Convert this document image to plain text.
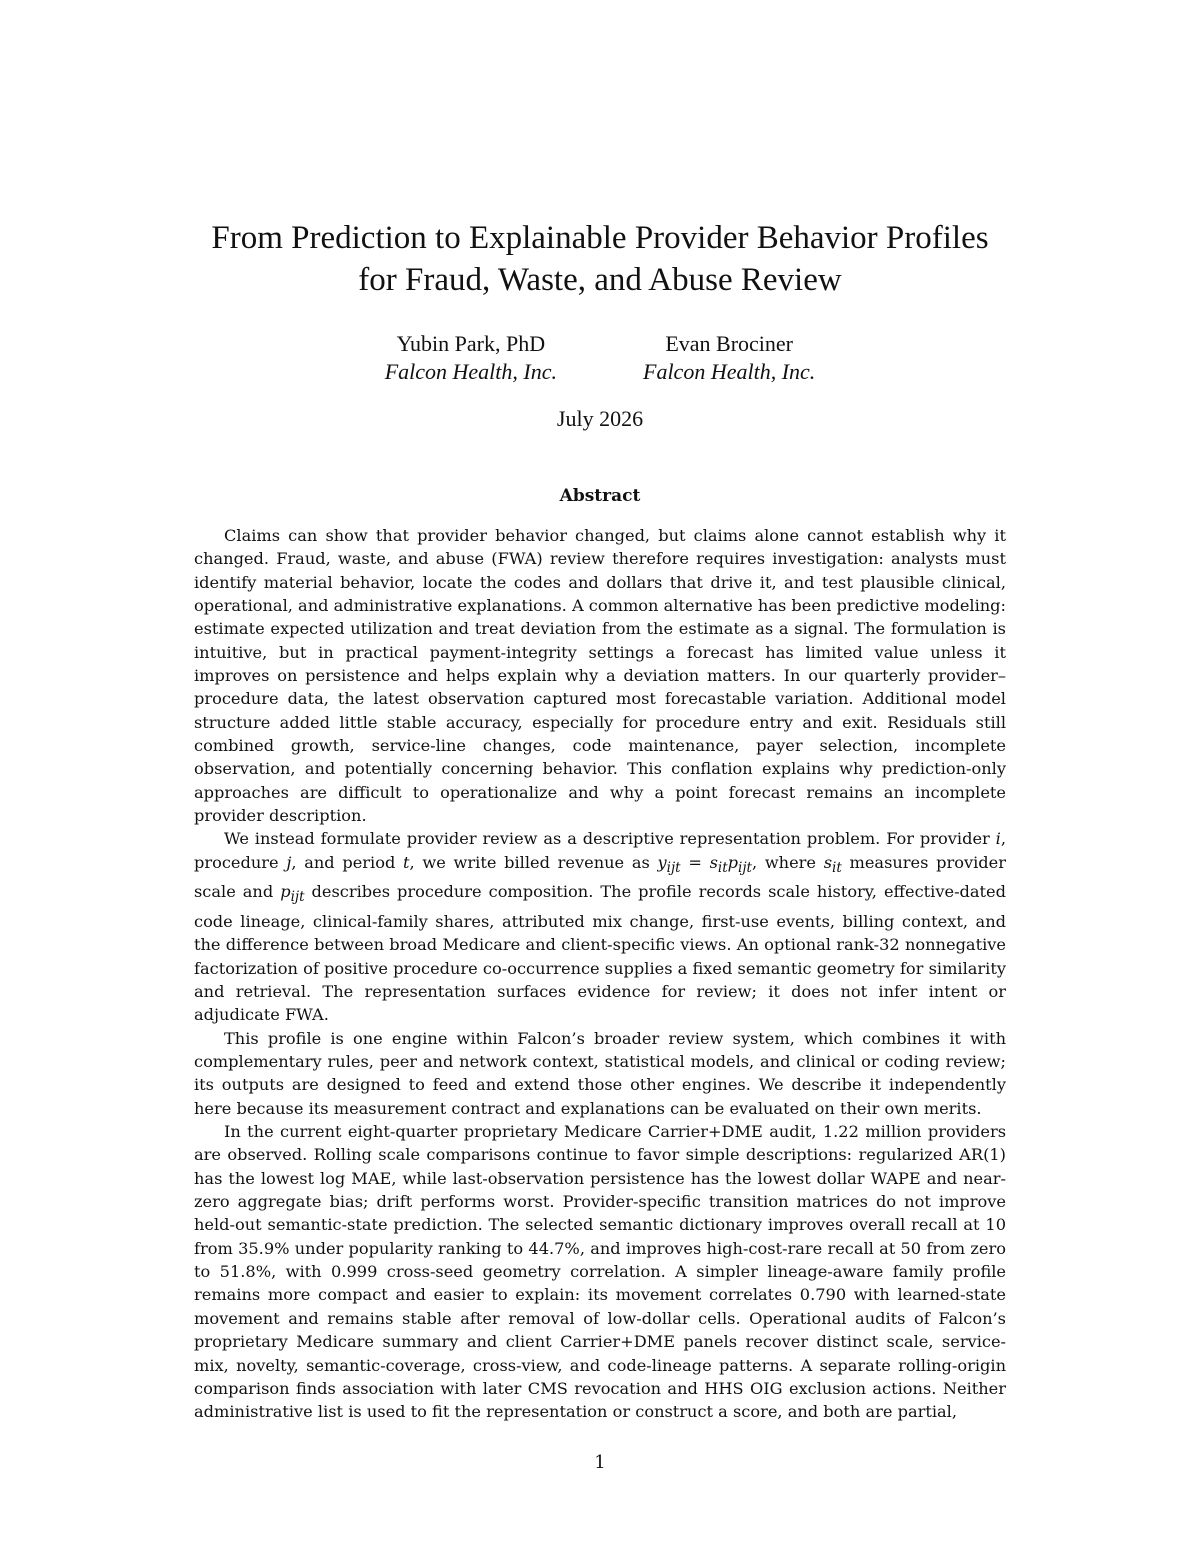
From Prediction to Explainable Provider Behavior Profiles
for Fraud, Waste, and Abuse Review
Yubin Park, PhD
Falcon Health, Inc.
Evan Brociner
Falcon Health, Inc.
July 2026
Abstract

Claims can show that provider behavior changed, but claims alone cannot establish why it changed. Fraud, waste, and abuse (FWA) review therefore requires investigation: analysts must identify material behavior, locate the codes and dollars that drive it, and test plausible clinical, operational, and administrative explanations. A common alternative has been predictive modeling: estimate expected utilization and treat deviation from the estimate as a signal. The formulation is intuitive, but in practical payment-integrity settings a forecast has limited value unless it improves on persistence and helps explain why a deviation matters. In our quarterly provider–procedure data, the latest observation captured most forecastable variation. Additional model structure added little stable accuracy, especially for procedure entry and exit. Residuals still combined growth, service-line changes, code maintenance, payer selection, incomplete observation, and potentially concerning behavior. This conflation explains why prediction-only approaches are difficult to operationalize and why a point forecast remains an incomplete provider description.

We instead formulate provider review as a descriptive representation problem. For provider i, procedure j, and period t, we write billed revenue as $y_{ijt} = s_{it}p_{ijt}$, where $s_{it}$ measures provider scale and $p_{ijt}$ describes procedure composition. The profile records scale history, effective-dated code lineage, clinical-family shares, attributed mix change, first-use events, billing context, and the difference between broad Medicare and client-specific views. An optional rank-32 nonnegative factorization of positive procedure co-occurrence supplies a fixed semantic geometry for similarity and retrieval. The representation surfaces evidence for review; it does not infer intent or adjudicate FWA.

This profile is one engine within Falcon’s broader review system, which combines it with complementary rules, peer and network context, statistical models, and clinical or coding review; its outputs are designed to feed and extend those other engines. We describe it independently here because its measurement contract and explanations can be evaluated on their own merits.

In the current eight-quarter proprietary Medicare Carrier+DME audit, 1.22 million providers are observed. Rolling scale comparisons continue to favor simple descriptions: regularized AR(1) has the lowest log MAE, while last-observation persistence has the lowest dollar WAPE and near-zero aggregate bias; drift performs worst. Provider-specific transition matrices do not improve held-out semantic-state prediction. The selected semantic dictionary improves overall recall at 10 from 35.9% under popularity ranking to 44.7%, and improves high-cost-rare recall at 50 from zero to 51.8%, with 0.999 cross-seed geometry correlation. A simpler lineage-aware family profile remains more compact and easier to explain: its movement correlates 0.790 with learned-state movement and remains stable after removal of low-dollar cells. Operational audits of Falcon’s proprietary Medicare summary and client Carrier+DME panels recover distinct scale, service-mix, novelty, semantic-coverage, cross-view, and code-lineage patterns. A separate rolling-origin comparison finds association with later CMS revocation and HHS OIG exclusion actions. Neither administrative list is used to fit the representation or construct a score, and both are partial,

1
